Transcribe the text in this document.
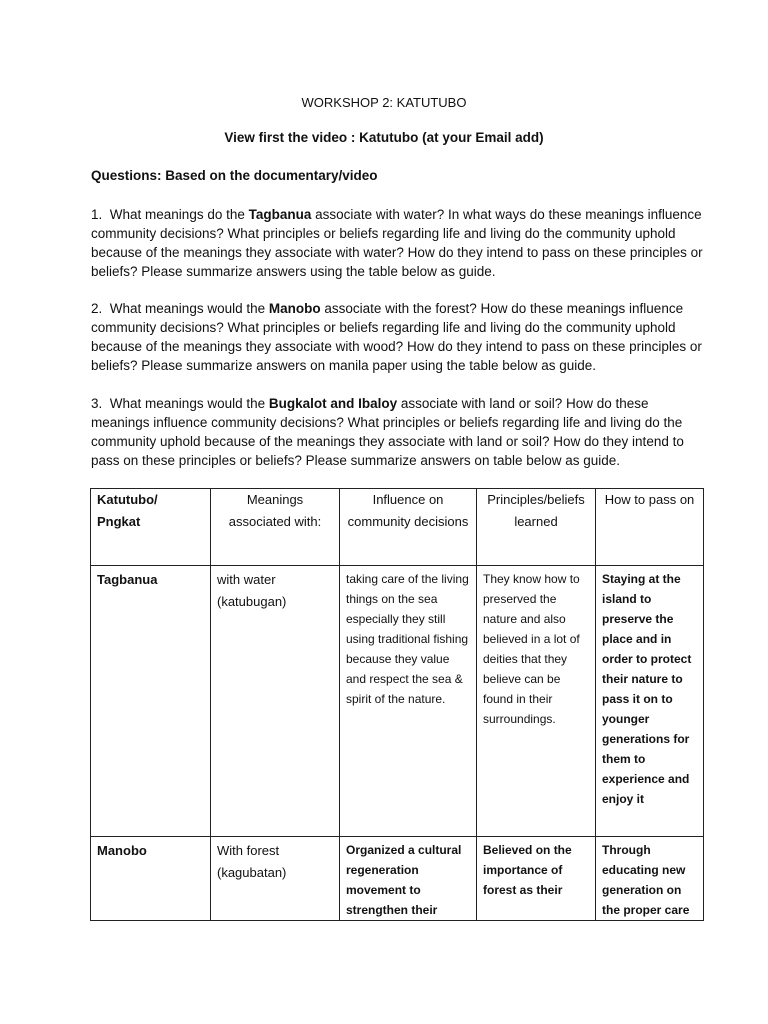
WORKSHOP 2: KATUTUBO
View first the video : Katutubo (at your Email add)
Questions: Based on the documentary/video
1. What meanings do the Tagbanua associate with water? In what ways do these meanings influence community decisions? What principles or beliefs regarding life and living do the community uphold because of the meanings they associate with water? How do they intend to pass on these principles or beliefs? Please summarize answers using the table below as guide.
2. What meanings would the Manobo associate with the forest? How do these meanings influence community decisions? What principles or beliefs regarding life and living do the community uphold because of the meanings they associate with wood? How do they intend to pass on these principles or beliefs? Please summarize answers on manila paper using the table below as guide.
3. What meanings would the Bugkalot and Ibaloy associate with land or soil? How do these meanings influence community decisions? What principles or beliefs regarding life and living do the community uphold because of the meanings they associate with land or soil? How do they intend to pass on these principles or beliefs? Please summarize answers on table below as guide.
Katutubo/ Pngkat	Meanings associated with:	Influence on community decisions	Principles/beliefs learned	How to pass on
Tagbanua	with water (katubugan)	taking care of the living things on the sea especially they still using traditional fishing because they value and respect the sea & spirit of the nature.	They know how to preserved the nature and also believed in a lot of deities that they believe can be found in their surroundings.	Staying at the island to preserve the place and in order to protect their nature to pass it on to younger generations for them to experience and enjoy it
Manobo	With forest (kagubatan)	Organized a cultural regeneration movement to strengthen their	Believed on the importance of forest as their	Through educating new generation on the proper care
